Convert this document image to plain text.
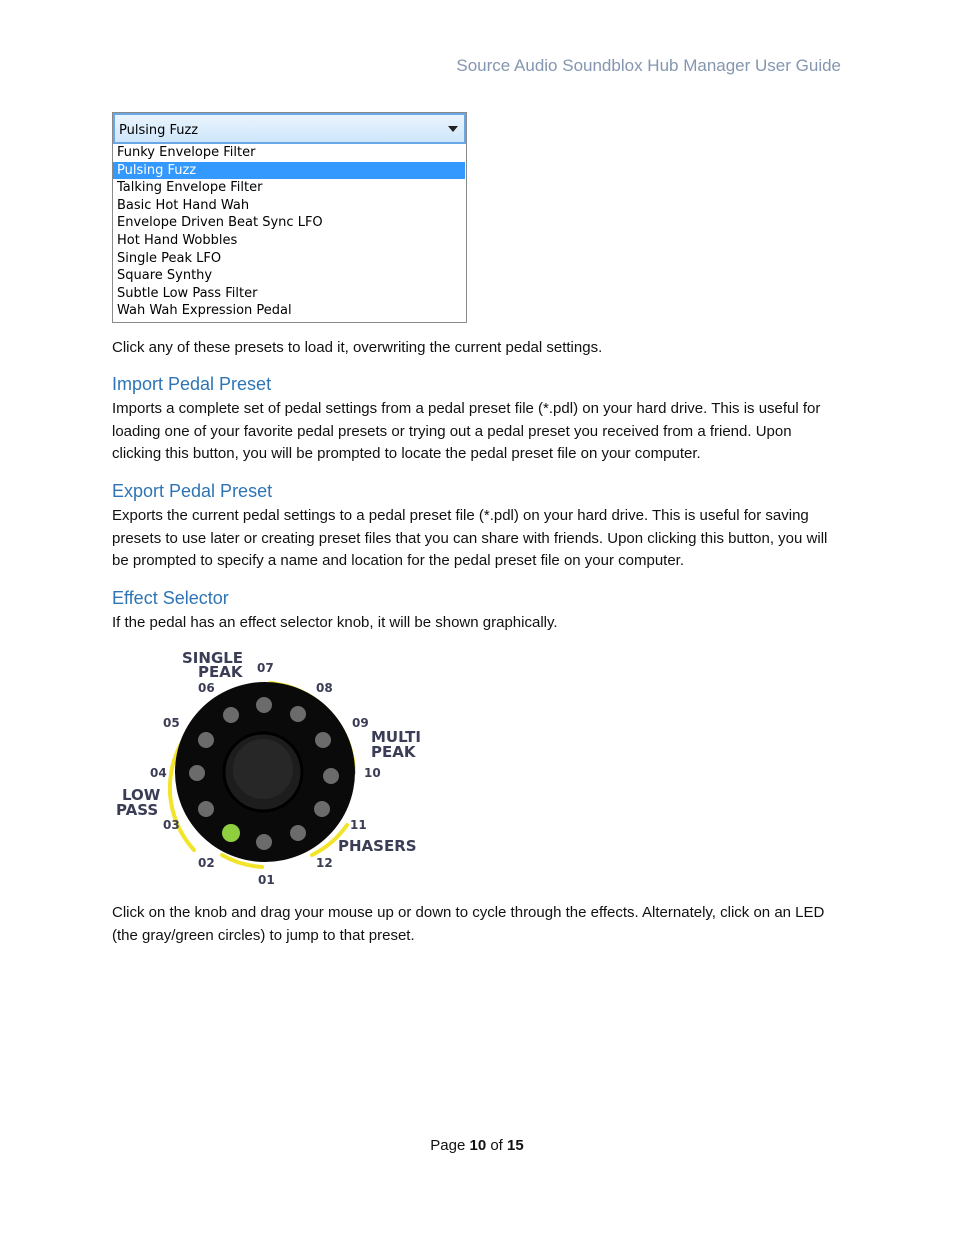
Source Audio Soundblox Hub Manager User Guide
Pulsing Fuzz
Funky Envelope Filter
Pulsing Fuzz
Talking Envelope Filter
Basic Hot Hand Wah
Envelope Driven Beat Sync LFO
Hot Hand Wobbles
Single Peak LFO
Square Synthy
Subtle Low Pass Filter
Wah Wah Expression Pedal

Click any of these presets to load it, overwriting the current pedal settings.

Import Pedal Preset

Imports a complete set of pedal settings from a pedal preset file (*.pdl) on your hard drive. This is useful for loading one of your favorite pedal presets or trying out a pedal preset you received from a friend. Upon clicking this button, you will be prompted to locate the pedal preset file on your computer.

Export Pedal Preset

Exports the current pedal settings to a pedal preset file (*.pdl) on your hard drive. This is useful for saving presets to use later or creating preset files that you can share with friends. Upon clicking this button, you will be prompted to specify a name and location for the pedal preset file on your computer.

Effect Selector

If the pedal has an effect selector knob, it will be shown graphically.

01
02
03
04
05
06
07
08
09
10
11
12
SINGLE
PEAK
MULTI
PEAK
LOW
PASS
PHASERS

Click on the knob and drag your mouse up or down to cycle through the effects. Alternately, click on an LED (the gray/green circles) to jump to that preset.

Page 10 of 15
